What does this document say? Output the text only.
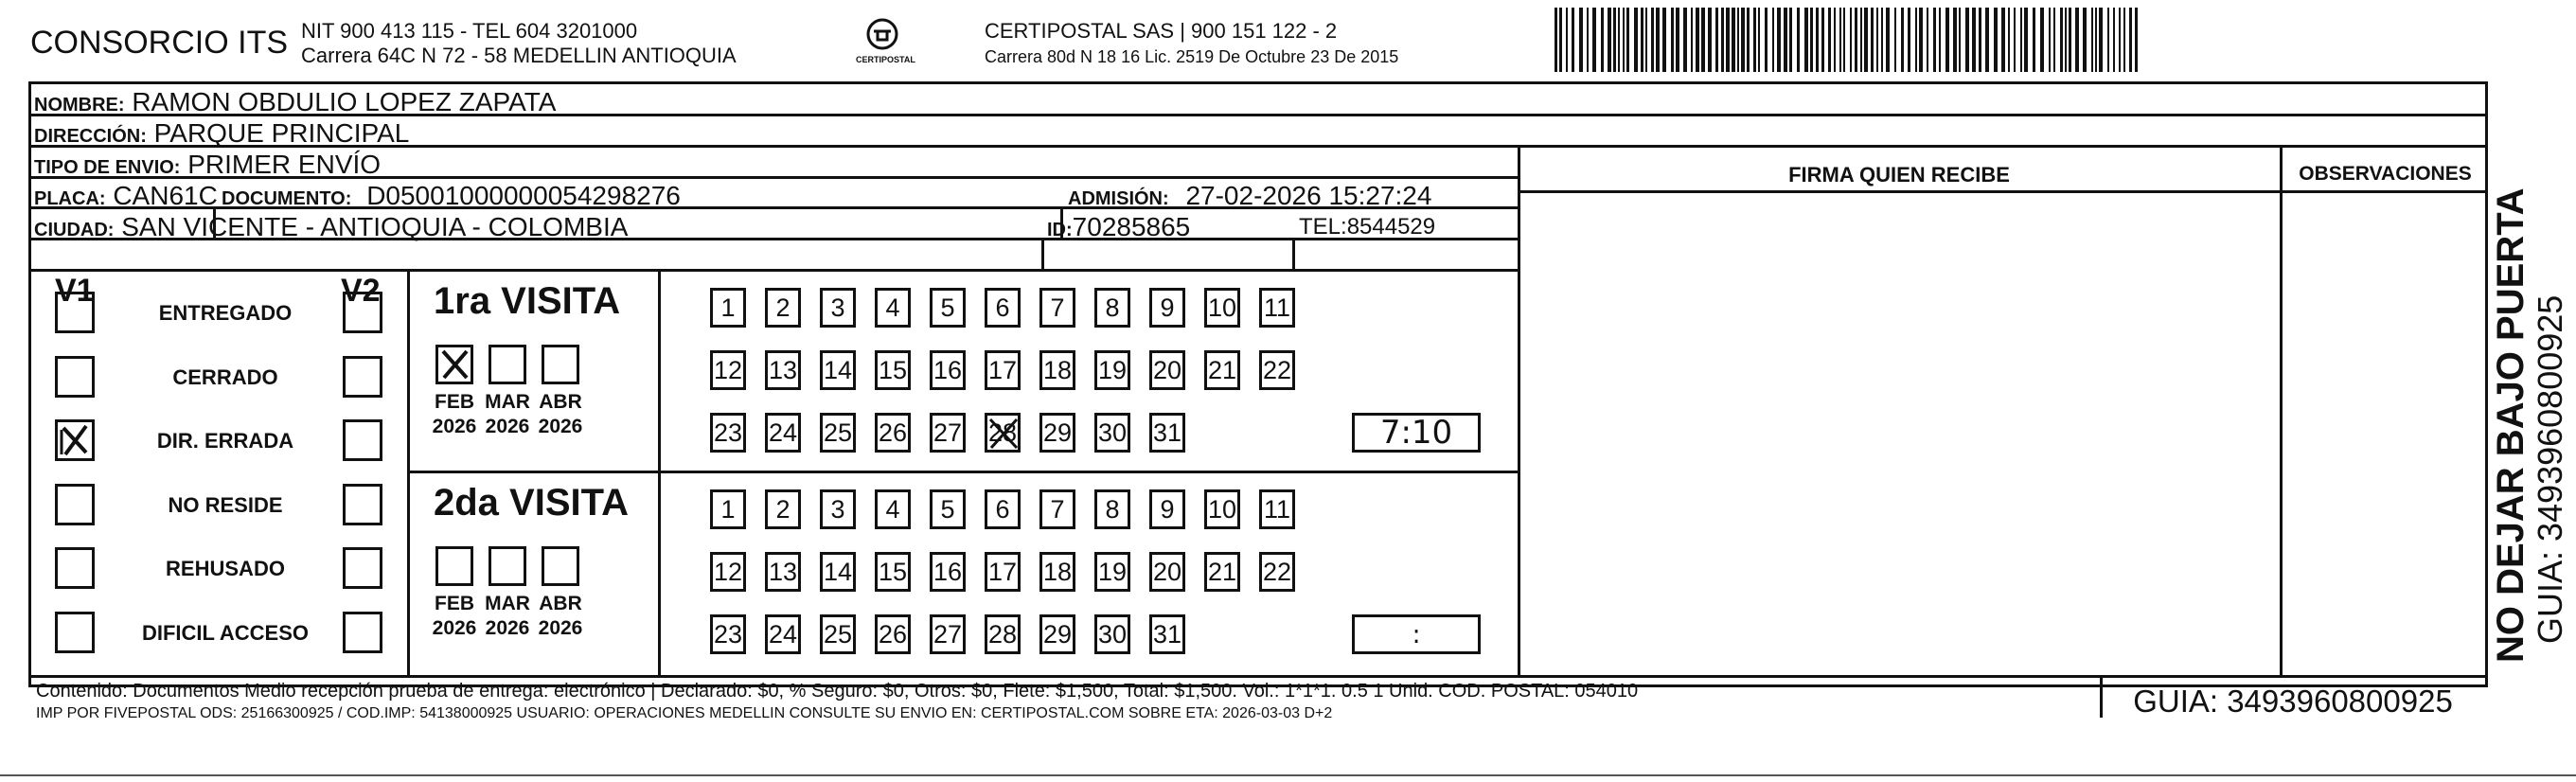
CONSORCIO ITS NIT 900 413 115 - TEL 604 3201000
Carrera 64C N 72 - 58 MEDELLIN ANTIOQUIA	CERTIPOSTAL
CERTIPOSTAL SAS | 900 151 122 - 2
Carrera 80d N 18 16 Lic. 2519 De Octubre 23 De 2015
NOMBRE: RAMON OBDULIO LOPEZ ZAPATA
DIRECCIÓN: PARQUE PRINCIPAL
TIPO DE ENVIO: PRIMER ENVÍO
PLACA: CAN61C DOCUMENTO: D05001000000054298276	ADMISIÓN: 27-02-2026 15:27:24
CIUDAD: SAN VICENTE - ANTIOQUIA - COLOMBIA	ID:70285865	TEL:8544529
FIRMA QUIEN RECIBE	OBSERVACIONES
V1	V2
ENTREGADO
CERRADO
DIR. ERRADA
NO RESIDE
REHUSADO
DIFICIL ACCESO
1ra VISITA
FEB
2026
MAR
2026
ABR
2026
1 2 3 4 5 6 7 8 9 10 11
12 13 14 15 16 17 18 19 20 21 22
23 24 25 26 27 28 29 30 31	7:10
2da VISITA
FEB
2026
MAR
2026
ABR
2026
1 2 3 4 5 6 7 8 9 10 11
12 13 14 15 16 17 18 19 20 21 22
23 24 25 26 27 28 29 30 31	:
Contenido: Documentos Medio recepción prueba de entrega: electrónico | Declarado: $0, % Seguro: $0, Otros: $0, Flete: $1,500, Total: $1,500. Vol.: 1*1*1. 0.5 1 Unid. COD. POSTAL: 054010
IMP POR FIVEPOSTAL ODS: 25166300925 / COD.IMP: 54138000925 USUARIO: OPERACIONES MEDELLIN CONSULTE SU ENVIO EN: CERTIPOSTAL.COM SOBRE ETA: 2026-03-03 D+2	GUIA: 3493960800925
NO DEJAR BAJO PUERTA GUIA: 3493960800925
